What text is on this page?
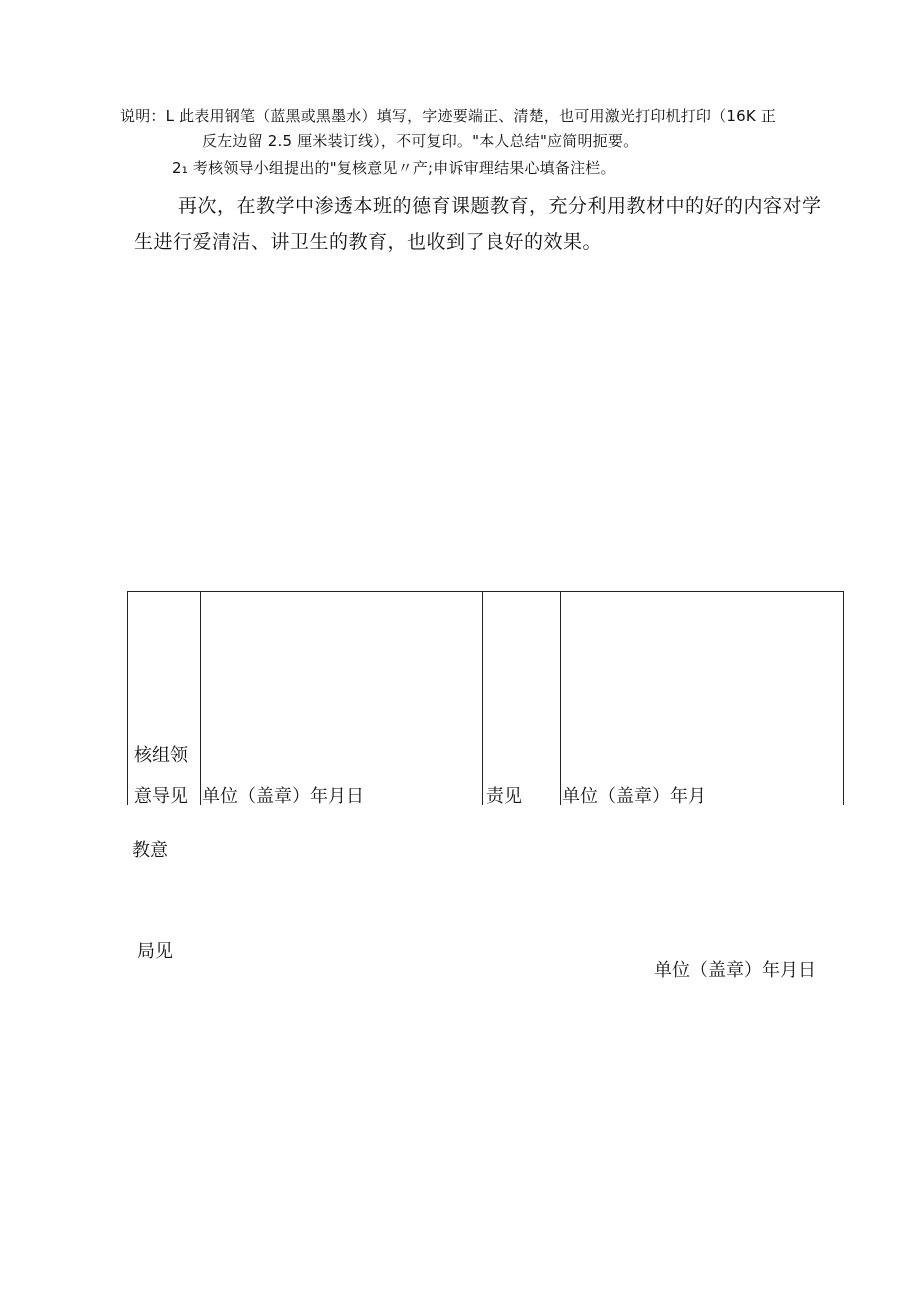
说明：L 此表用钢笔（蓝黑或黑墨水）填写，字迹要端正、清楚，也可用激光打印机打印（16K 正
反左边留 2.5 厘米装订线），不可复印。"本人总结"应简明扼要。
2₁ 考核领导小组提出的"复核意见〃产;申诉审理结果心填备注栏。
再次，在教学中渗透本班的德育课题教育，充分利用教材中的好的内容对学
生进行爱清洁、讲卫生的教育，也收到了良好的效果。
核组领
意导见 单位（盖章）年月日	责见 单位（盖章）年月
教意
局见
单位（盖章）年月日
